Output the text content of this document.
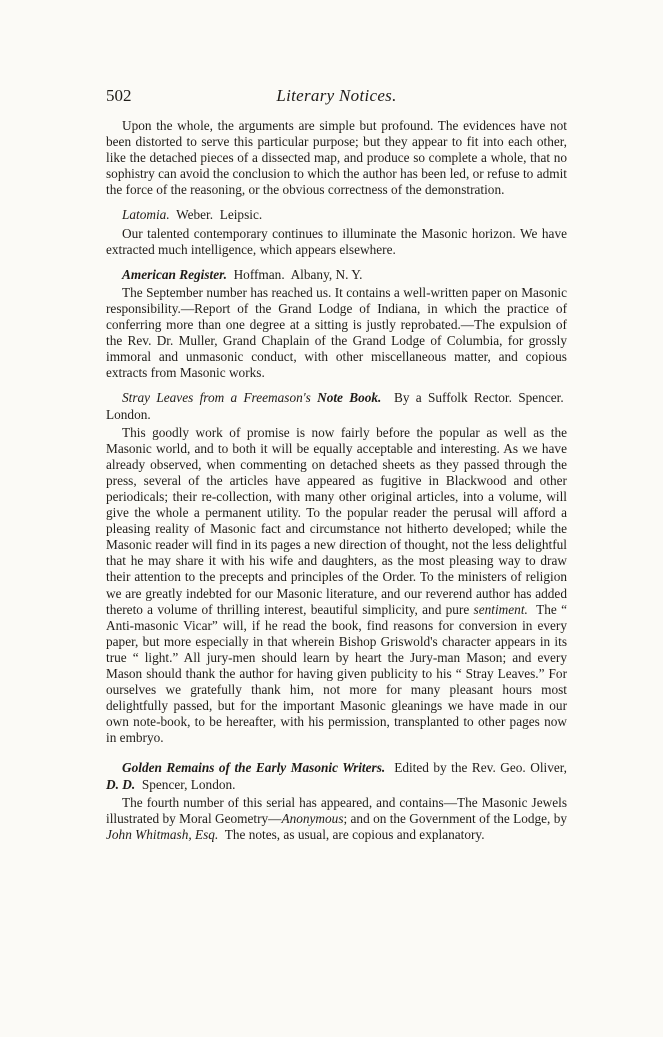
502	Literary Notices.

Upon the whole, the arguments are simple but profound. The evidences have not been distorted to serve this particular purpose; but they appear to fit into each other, like the detached pieces of a dissected map, and produce so complete a whole, that no sophistry can avoid the conclusion to which the author has been led, or refuse to admit the force of the reasoning, or the obvious correctness of the demonstration.

Latomia. Weber. Leipsic.

Our talented contemporary continues to illuminate the Masonic horizon. We have extracted much intelligence, which appears elsewhere.

American Register. Hoffman. Albany, N. Y.

The September number has reached us. It contains a well-written paper on Masonic responsibility.—Report of the Grand Lodge of Indiana, in which the practice of conferring more than one degree at a sitting is justly reprobated.—The expulsion of the Rev. Dr. Muller, Grand Chaplain of the Grand Lodge of Columbia, for grossly immoral and unmasonic conduct, with other miscellaneous matter, and copious extracts from Masonic works.

Stray Leaves from a Freemason's Note Book. By a Suffolk Rector. Spencer.  London.

This goodly work of promise is now fairly before the popular as well as the Masonic world, and to both it will be equally acceptable and interesting. As we have already observed, when commenting on detached sheets as they passed through the press, several of the articles have appeared as fugitive in Blackwood and other periodicals; their re-collection, with many other original articles, into a volume, will give the whole a permanent utility. To the popular reader the perusal will afford a pleasing reality of Masonic fact and circumstance not hitherto developed; while the Masonic reader will find in its pages a new direction of thought, not the less delightful that he may share it with his wife and daughters, as the most pleasing way to draw their attention to the precepts and principles of the Order. To the ministers of religion we are greatly indebted for our Masonic literature, and our reverend author has added thereto a volume of thrilling interest, beautiful simplicity, and pure sentiment. The “ Anti-masonic Vicar” will, if he read the book, find reasons for conversion in every paper, but more especially in that wherein Bishop Griswold's character appears in its true “ light.” All jury-men should learn by heart the Jury-man Mason; and every Mason should thank the author for having given publicity to his “ Stray Leaves.” For ourselves we gratefully thank him, not more for many pleasant hours most delightfully passed, but for the important Masonic gleanings we have made in our own note-book, to be hereafter, with his permission, transplanted to other pages now in embryo.

Golden Remains of the Early Masonic Writers. Edited by the Rev. Geo. Oliver, D. D. Spencer, London.

The fourth number of this serial has appeared, and contains—The Masonic Jewels illustrated by Moral Geometry—Anonymous; and on the Government of the Lodge, by John Whitmash, Esq. The notes, as usual, are copious and explanatory.
